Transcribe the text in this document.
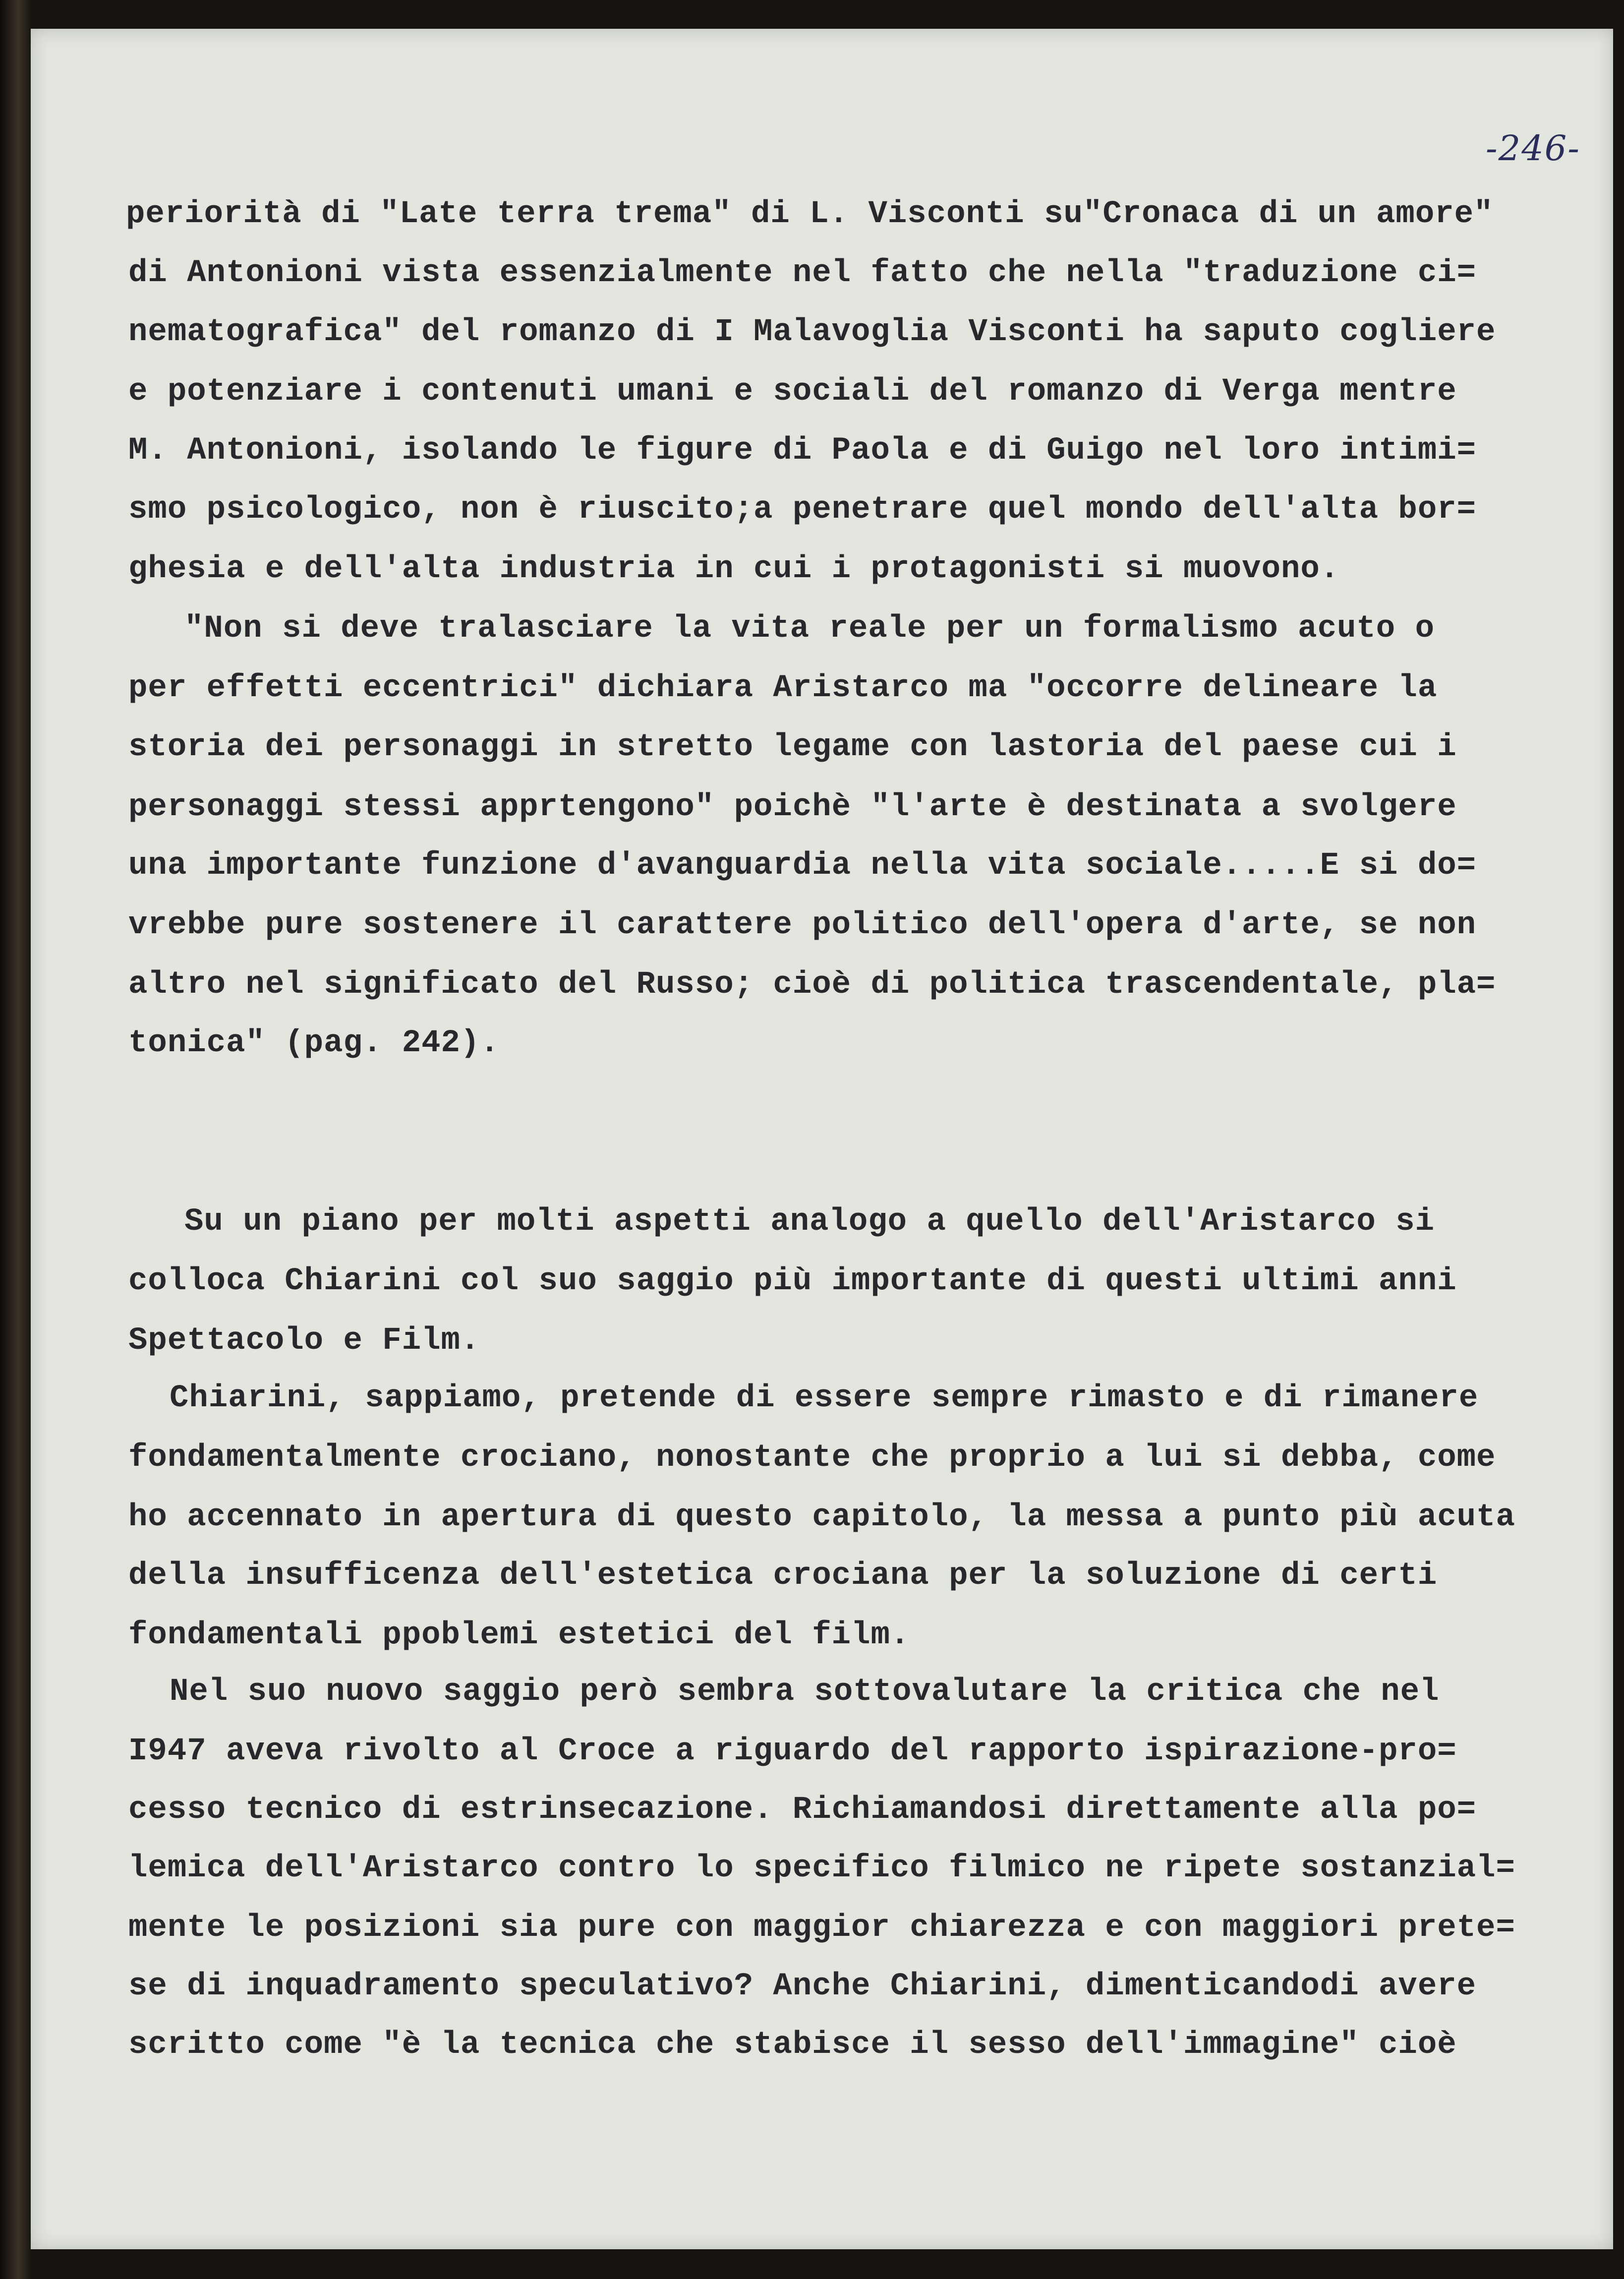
-246-
periorità di "Late terra trema" di L. Visconti su"Cronaca di un amore"
di Antonioni vista essenzialmente nel fatto che nella "traduzione ci=
nematografica" del romanzo di I Malavoglia Visconti ha saputo cogliere
e potenziare i contenuti umani e sociali del romanzo di Verga mentre
M. Antonioni, isolando le figure di Paola e di Guigo nel loro intimi=
smo psicologico, non è riuscito;a penetrare quel mondo dell'alta bor=
ghesia e dell'alta industria in cui i protagonisti si muovono.
"Non si deve tralasciare la vita reale per un formalismo acuto o
per effetti eccentrici" dichiara Aristarco ma "occorre delineare la
storia dei personaggi in stretto legame con lastoria del paese cui i
personaggi stessi apprtengono" poichè "l'arte è destinata a svolgere
una importante funzione d'avanguardia nella vita sociale.....E si do=
vrebbe pure sostenere il carattere politico dell'opera d'arte, se non
altro nel significato del Russo; cioè di politica trascendentale, pla=
tonica" (pag. 242).
Su un piano per molti aspetti analogo a quello dell'Aristarco si
colloca Chiarini col suo saggio più importante di questi ultimi anni
Spettacolo e Film.
Chiarini, sappiamo, pretende di essere sempre rimasto e di rimanere
fondamentalmente crociano, nonostante che proprio a lui si debba, come
ho accennato in apertura di questo capitolo, la messa a punto più acuta
della insufficenza dell'estetica crociana per la soluzione di certi
fondamentali ppoblemi estetici del film.
Nel suo nuovo saggio però sembra sottovalutare la critica che nel
I947 aveva rivolto al Croce a riguardo del rapporto ispirazione-pro=
cesso tecnico di estrinsecazione. Richiamandosi direttamente alla po=
lemica dell'Aristarco contro lo specifico filmico ne ripete sostanzial=
mente le posizioni sia pure con maggior chiarezza e con maggiori prete=
se di inquadramento speculativo? Anche Chiarini, dimenticandodi avere
scritto come "è la tecnica che stabisce il sesso dell'immagine" cioè
